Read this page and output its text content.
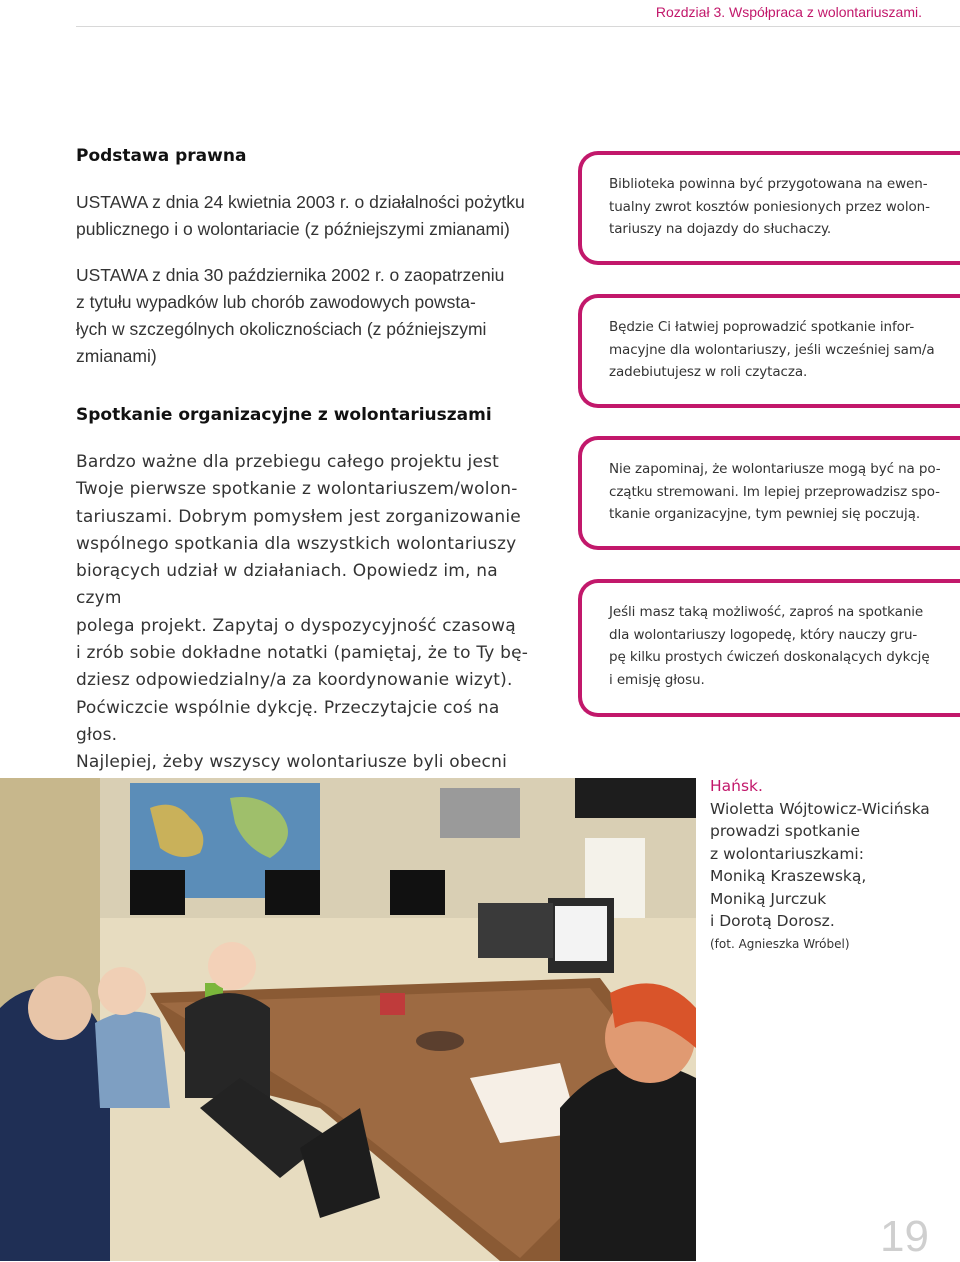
Rozdział 3. Współpraca z wolontariuszami.
Podstawa prawna

USTAWA z dnia 24 kwietnia 2003 r. o działalności pożytku

publicznego i o wolontariacie (z późniejszymi zmianami)

USTAWA z dnia 30 października 2002 r. o zaopatrzeniu

z tytułu wypadków lub chorób zawodowych powsta-

łych w szczególnych okolicznościach (z późniejszymi

zmianami)

Spotkanie organizacyjne z wolontariuszami

Bardzo ważne dla przebiegu całego projektu jest

Twoje pierwsze spotkanie z wolontariuszem/wolon-

tariuszami. Dobrym pomysłem jest zorganizowanie

wspólnego spotkania dla wszystkich wolontariuszy

biorących udział w działaniach. Opowiedz im, na czym

polega projekt. Zapytaj o dyspozycyjność czasową

i zrób sobie dokładne notatki (pamiętaj, że to Ty bę-

dziesz odpowiedzialny/a za koordynowanie wizyt).

Poćwiczcie wspólnie dykcję. Przeczytajcie coś na głos.

Najlepiej, żeby wszyscy wolontariusze byli obecni

Biblioteka powinna być przygotowana na ewen-
tualny zwrot kosztów poniesionych przez wolon-
tariuszy na dojazdy do słuchaczy.
Będzie Ci łatwiej poprowadzić spotkanie infor-
macyjne dla wolontariuszy, jeśli wcześniej sam/a
zadebiutujesz w roli czytacza.
Nie zapominaj, że wolontariusze mogą być na po-
czątku stremowani. Im lepiej przeprowadzisz spo-
tkanie organizacyjne, tym pewniej się poczują.
Jeśli masz taką możliwość, zaproś na spotkanie
dla wolontariuszy logopedę, który nauczy gru-
pę kilku prostych ćwiczeń doskonalących dykcję
i emisję głosu.
Hańsk.
Wioletta Wójtowicz-Wicińska
prowadzi spotkanie
z wolontariuszkami:
Moniką Kraszewską,
Moniką Jurczuk
i Dorotą Dorosz.
(fot. Agnieszka Wróbel)
19
